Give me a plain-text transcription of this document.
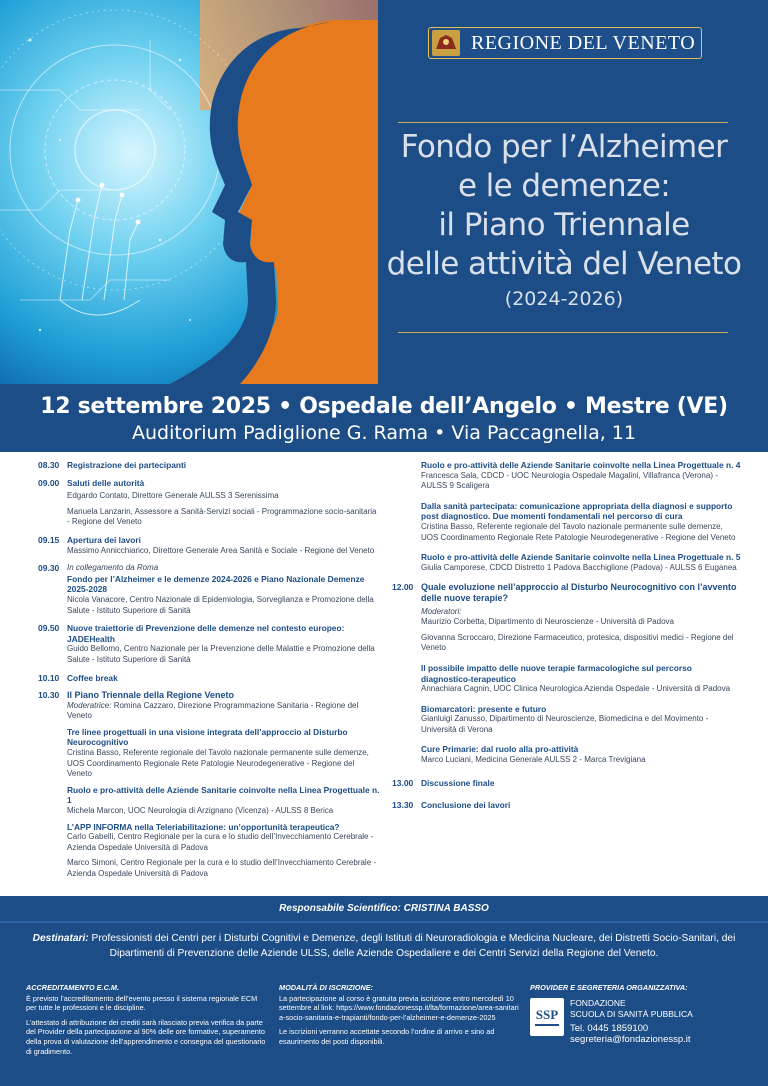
REGIONE DEL VENETO
Fondo per l’Alzheimer
e le demenze:
il Piano Triennale
delle attività del Veneto
(2024-2026)
12 settembre 2025 • Ospedale dell’Angelo • Mestre (VE)
Auditorium Padiglione G. Rama • Via Paccagnella, 11
08.30 Registrazione dei partecipanti
09.00 Saluti delle autorità
Edgardo Contato, Direttore Generale AULSS 3 Serenissima
Manuela Lanzarin, Assessore a Sanità-Servizi sociali - Programmazione socio-sanitaria - Regione del Veneto
09.15 Apertura dei lavori
Massimo Annicchiarico, Direttore Generale Area Sanità e Sociale - Regione del Veneto
09.30 In collegamento da Roma
Fondo per l’Alzheimer e le demenze 2024-2026 e Piano Nazionale Demenze 2025-2028
Nicola Vanacore, Centro Nazionale di Epidemiologia, Sorveglianza e Promozione della Salute - Istituto Superiore di Sanità
09.50 Nuove traiettorie di Prevenzione delle demenze nel contesto europeo: JADEHealth
Guido Bellomo, Centro Nazionale per la Prevenzione delle Malattie e Promozione della Salute - Istituto Superiore di Sanità
10.10 Coffee break
10.30 Il Piano Triennale della Regione Veneto
Moderatrice: Romina Cazzaro, Direzione Programmazione Sanitaria - Regione del Veneto
Tre linee progettuali in una visione integrata dell’approccio al Disturbo Neurocognitivo
Cristina Basso, Referente regionale del Tavolo nazionale permanente sulle demenze, UOS Coordinamento Regionale Rete Patologie Neurodegenerative - Regione del Veneto
Ruolo e pro-attività delle Aziende Sanitarie coinvolte nella Linea Progettuale n. 1
Michela Marcon, UOC Neurologia di Arzignano (Vicenza) - AULSS 8 Berica
L’APP INFORMA nella Teleriabilitazione: un’opportunità terapeutica?
Carlo Gabelli, Centro Regionale per la cura e lo studio dell’Invecchiamento Cerebrale - Azienda Ospedale Università di Padova
Marco Simoni, Centro Regionale per la cura e lo studio dell’Invecchiamento Cerebrale - Azienda Ospedale Università di Padova
Ruolo e pro-attività delle Aziende Sanitarie coinvolte nella Linea Progettuale n. 4
Francesca Sala, CDCD - UOC Neurologia Ospedale Magalini, Villafranca (Verona) - AULSS 9 Scaligera
Dalla sanità partecipata: comunicazione appropriata della diagnosi e supporto post diagnostico. Due momenti fondamentali nel percorso di cura
Cristina Basso, Referente regionale del Tavolo nazionale permanente sulle demenze, UOS Coordinamento Regionale Rete Patologie Neurodegenerative - Regione del Veneto
Ruolo e pro-attività delle Aziende Sanitarie coinvolte nella Linea Progettuale n. 5
Giulia Camporese, CDCD Distretto 1 Padova Bacchiglione (Padova) - AULSS 6 Euganea
12.00 Quale evoluzione nell’approccio al Disturbo Neurocognitivo con l’avvento delle nuove terapie?
Moderatori:
Maurizio Corbetta, Dipartimento di Neuroscienze - Università di Padova
Giovanna Scroccaro, Direzione Farmaceutico, protesica, dispositivi medici - Regione del Veneto
Il possibile impatto delle nuove terapie farmacologiche sul percorso diagnostico-terapeutico
Annachiara Cagnin, UOC Clinica Neurologica Azienda Ospedale - Università di Padova
Biomarcatori: presente e futuro
Gianluigi Zanusso, Dipartimento di Neuroscienze, Biomedicina e del Movimento - Università di Verona
Cure Primarie: dal ruolo alla pro-attività
Marco Luciani, Medicina Generale AULSS 2 - Marca Trevigiana
13.00 Discussione finale
13.30 Conclusione dei lavori
Responsabile Scientifico: CRISTINA BASSO
Destinatari: Professionisti dei Centri per i Disturbi Cognitivi e Demenze, degli Istituti di Neuroradiologia e Medicina Nucleare, dei Distretti Socio-Sanitari, dei Dipartimenti di Prevenzione delle Aziende ULSS, delle Aziende Ospedaliere e dei Centri Servizi della Regione del Veneto.
ACCREDITAMENTO E.C.M.
È previsto l’accreditamento dell’evento presso il sistema regionale ECM per tutte le professioni e le discipline.
L’attestato di attribuzione dei crediti sarà rilasciato previa verifica da parte del Provider della partecipazione al 90% delle ore formative, superamento della prova di valutazione dell’apprendimento e consegna del questionario di gradimento.
MODALITÀ DI ISCRIZIONE:
La partecipazione al corso è gratuita previa iscrizione entro mercoledì 10 settembre al link: https://www.fondazionessp.it/lta/formazione/area-sanitaria-socio-sanitaria-e-trapianti/fondo-per-l’alzheimer-e-demenze-2025
Le iscrizioni verranno accettate secondo l’ordine di arrivo e sino ad esaurimento dei posti disponibili.
PROVIDER E SEGRETERIA ORGANIZZATIVA:
SSP
FONDAZIONE
SCUOLA DI SANITÀ PUBBLICA
Tel. 0445 1859100
segreteria@fondazionessp.it
